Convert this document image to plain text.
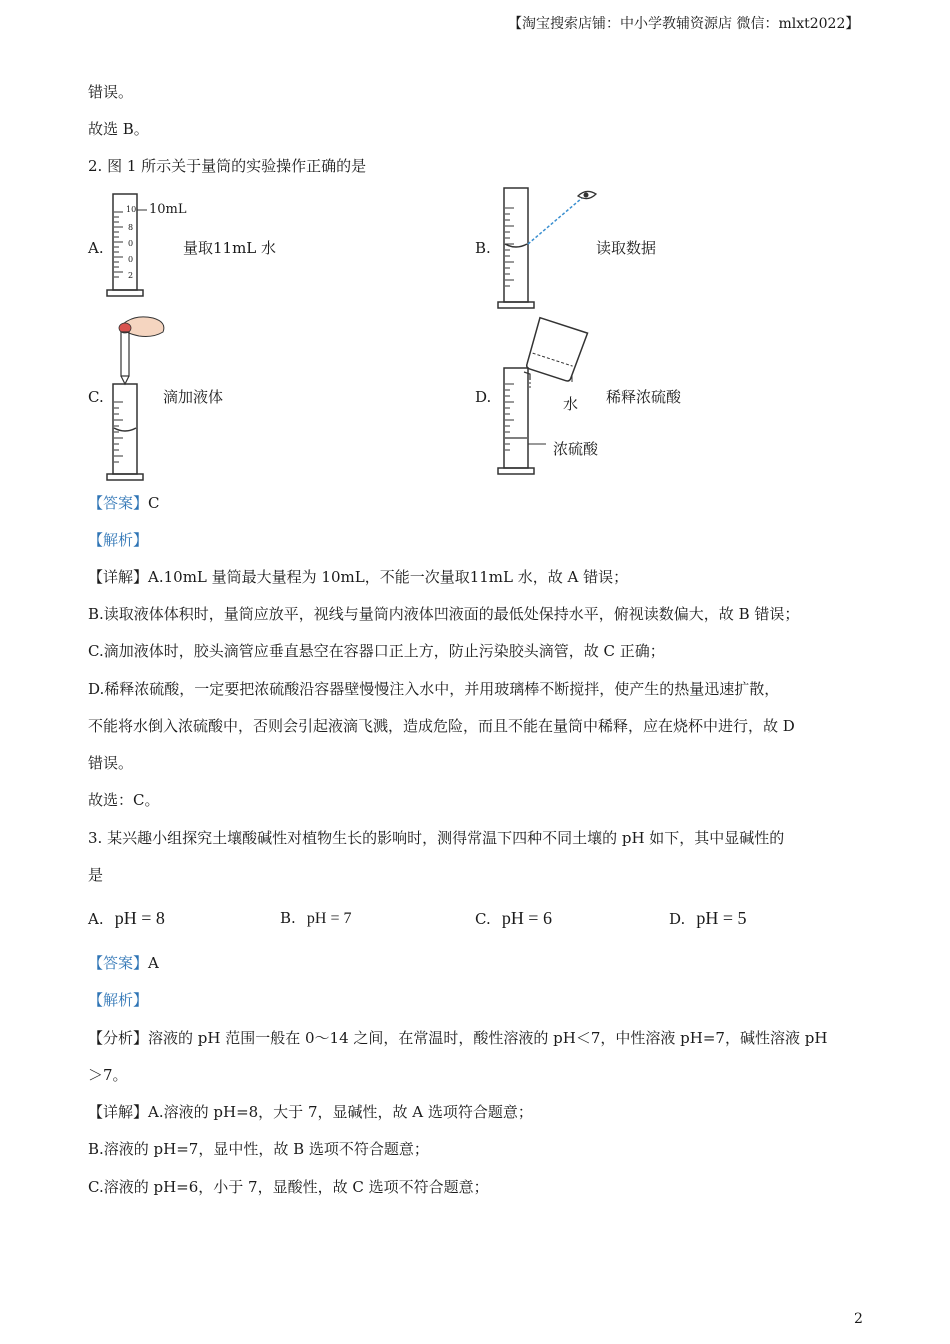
【淘宝搜索店铺：中小学教辅资源店 微信：mlxt2022】
错误。
故选 B。
2. 图 1 所示关于量筒的实验操作正确的是
A.
10
8
0
0
2
10mL
量取11mL 水	B.	读取数据
C.	滴加液体	D.	水 稀释浓硫酸
浓硫酸
【答案】C
【解析】
【详解】A.10mL 量筒最大量程为 10mL，不能一次量取11mL 水，故 A 错误；
B.读取液体体积时，量筒应放平，视线与量筒内液体凹液面的最低处保持水平，俯视读数偏大，故 B 错误；
C.滴加液体时，胶头滴管应垂直悬空在容器口正上方，防止污染胶头滴管，故 C 正确；
D.稀释浓硫酸，一定要把浓硫酸沿容器壁慢慢注入水中，并用玻璃棒不断搅拌，使产生的热量迅速扩散，
不能将水倒入浓硫酸中，否则会引起液滴飞溅，造成危险，而且不能在量筒中稀释，应在烧杯中进行，故 D
错误。
故选：C。
3. 某兴趣小组探究土壤酸碱性对植物生长的影响时，测得常温下四种不同土壤的 pH 如下，其中显碱性的
是
A. pH = 8	B. pH = 7	C. pH = 6	D. pH = 5
【答案】A
【解析】
【分析】溶液的 pH 范围一般在 0～14 之间，在常温时，酸性溶液的 pH＜7，中性溶液 pH=7，碱性溶液 pH
＞7。
【详解】A.溶液的 pH=8，大于 7，显碱性，故 A 选项符合题意；
B.溶液的 pH=7，显中性，故 B 选项不符合题意；
C.溶液的 pH=6，小于 7，显酸性，故 C 选项不符合题意；
2
